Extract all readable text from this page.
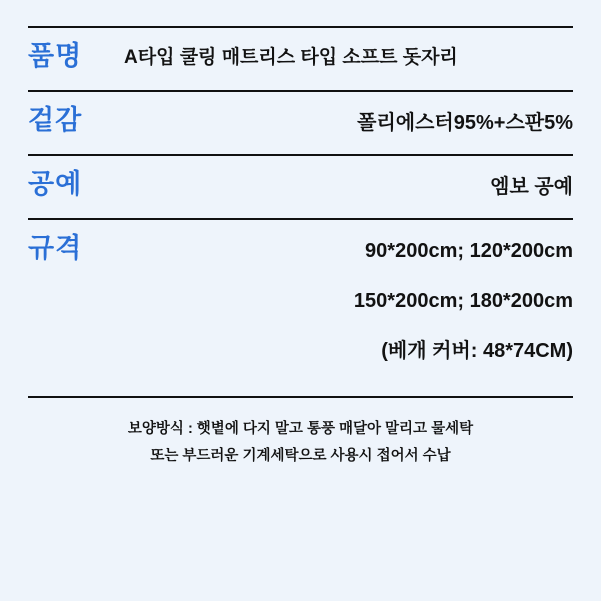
품명	A타입 쿨링 매트리스 타입 소프트 돗자리
겉감	폴리에스터95%+스판5%
공예	엠보 공예
규격	90*200cm; 120*200cm
150*200cm; 180*200cm
(베개 커버: 48*74CM)
보양방식 : 햇볕에 다지 말고 통풍 매달아 말리고 물세탁
또는 부드러운 기계세탁으로 사용시 접어서 수납
